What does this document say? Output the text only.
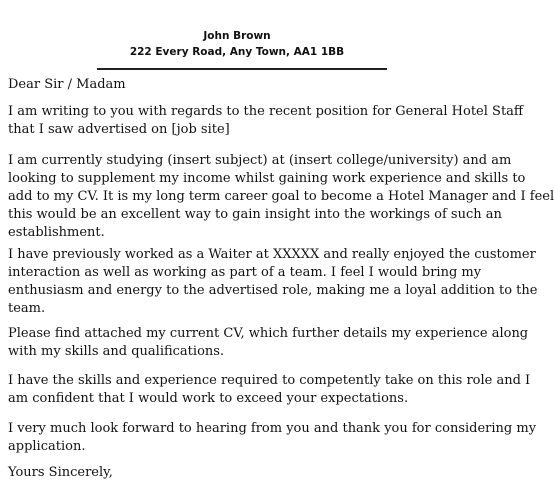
John Brown
222 Every Road, Any Town, AA1 1BB

Dear Sir / Madam

I am writing to you with regards to the recent position for General Hotel Staff
that I saw advertised on [job site]

I am currently studying (insert subject) at (insert college/university) and am
looking to supplement my income whilst gaining work experience and skills to
add to my CV. It is my long term career goal to become a Hotel Manager and I feel
this would be an excellent way to gain insight into the workings of such an
establishment.

I have previously worked as a Waiter at XXXXX and really enjoyed the customer
interaction as well as working as part of a team. I feel I would bring my
enthusiasm and energy to the advertised role, making me a loyal addition to the
team.

Please find attached my current CV, which further details my experience along
with my skills and qualifications.

I have the skills and experience required to competently take on this role and I
am confident that I would work to exceed your expectations.

I very much look forward to hearing from you and thank you for considering my
application.

Yours Sincerely,
